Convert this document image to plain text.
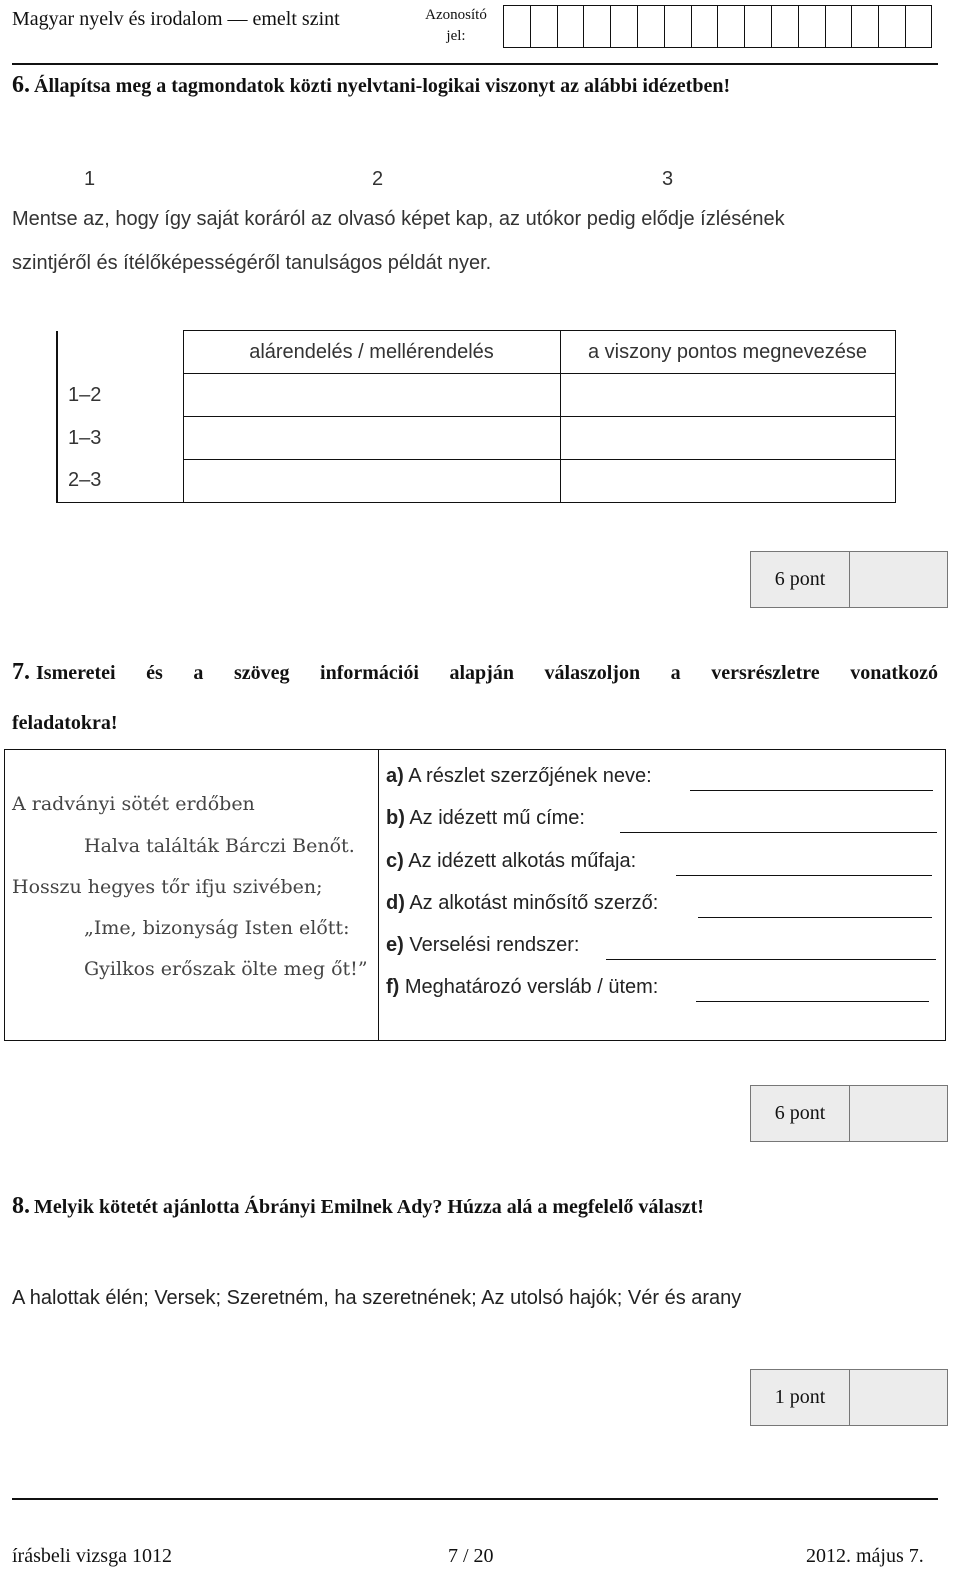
Magyar nyelv és irodalom — emelt szint	Azonosító
jel:
6. Állapítsa meg a tagmondatok közti nyelvtani-logikai viszonyt az alábbi idézetben!
1	2	3
Mentse az, hogy így saját koráról az olvasó képet kap, az utókor pedig elődje ízlésének
szintjéről és ítélőképességéről tanulságos példát nyer.
	alárendelés / mellérendelés	a viszony pontos megnevezése
1–2		
1–3		
2–3		
6 pont
7. Ismeretei és a szöveg információi alapján válaszoljon a versrészletre vonatkozó
feladatokra!
A radványi sötét erdőben
Halva találták Bárczi Benőt.
Hosszu hegyes tőr ifju szivében;
„Ime, bizonyság Isten előtt:
Gyilkos erőszak ölte meg őt!”
a) A részlet szerzőjének neve:
b) Az idézett mű címe:
c) Az idézett alkotás műfaja:
d) Az alkotást minősítő szerző:
e) Verselési rendszer:
f) Meghatározó versláb / ütem:
6 pont
8. Melyik kötetét ajánlotta Ábrányi Emilnek Ady? Húzza alá a megfelelő választ!
A halottak élén; Versek; Szeretném, ha szeretnének; Az utolsó hajók; Vér és arany
1 pont
írásbeli vizsga 1012	7 / 20	2012. május 7.
